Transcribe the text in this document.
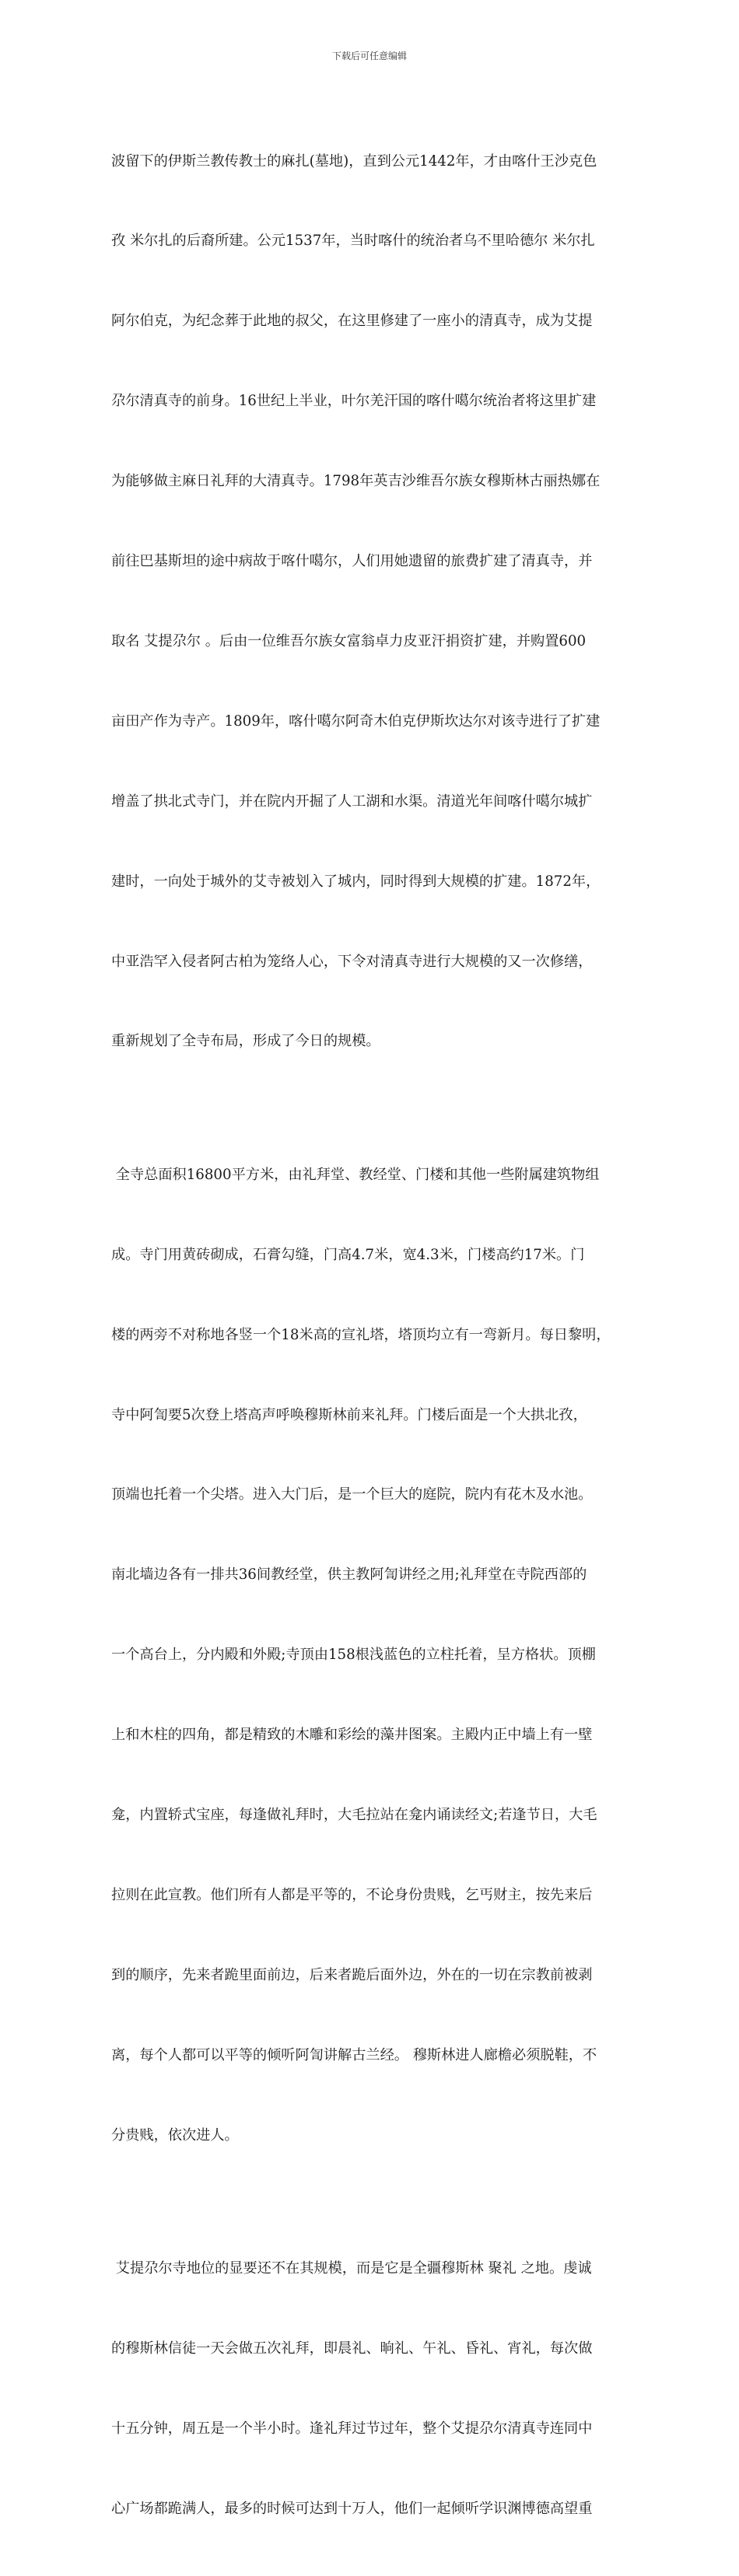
下载后可任意编辑

波留下的伊斯兰教传教士的麻扎(墓地)，直到公元1442年，才由喀什王沙克色

孜 米尔扎的后裔所建。公元1537年，当时喀什的统治者乌不里哈德尔 米尔扎

阿尔伯克，为纪念葬于此地的叔父，在这里修建了一座小的清真寺，成为艾提

尕尔清真寺的前身。16世纪上半业，叶尔羌汗国的喀什噶尔统治者将这里扩建

为能够做主麻日礼拜的大清真寺。1798年英吉沙维吾尔族女穆斯林古丽热娜在

前往巴基斯坦的途中病故于喀什噶尔，人们用她遗留的旅费扩建了清真寺，并

取名 艾提尕尔 。后由一位维吾尔族女富翁卓力皮亚汗捐资扩建，并购置600

亩田产作为寺产。1809年，喀什噶尔阿奇木伯克伊斯坎达尔对该寺进行了扩建

增盖了拱北式寺门，并在院内开掘了人工湖和水渠。清道光年间喀什噶尔城扩

建时，一向处于城外的艾寺被划入了城内，同时得到大规模的扩建。1872年，

中亚浩罕入侵者阿古柏为笼络人心，下令对清真寺进行大规模的又一次修缮，

重新规划了全寺布局，形成了今日的规模。

全寺总面积16800平方米，由礼拜堂、教经堂、门楼和其他一些附属建筑物组

成。寺门用黄砖砌成，石膏勾缝，门高4.7米，宽4.3米，门楼高约17米。门

楼的两旁不对称地各竖一个18米高的宣礼塔，塔顶均立有一弯新月。每日黎明，

寺中阿訇要5次登上塔高声呼唤穆斯林前来礼拜。门楼后面是一个大拱北孜，

顶端也托着一个尖塔。进入大门后，是一个巨大的庭院，院内有花木及水池。

南北墙边各有一排共36间教经堂，供主教阿訇讲经之用;礼拜堂在寺院西部的

一个高台上，分内殿和外殿;寺顶由158根浅蓝色的立柱托着，呈方格状。顶棚

上和木柱的四角，都是精致的木雕和彩绘的藻井图案。主殿内正中墙上有一壁

龛，内置轿式宝座，每逢做礼拜时，大毛拉站在龛内诵读经文;若逢节日，大毛

拉则在此宣教。他们所有人都是平等的，不论身份贵贱，乞丐财主，按先来后

到的顺序，先来者跪里面前边，后来者跪后面外边，外在的一切在宗教前被剥

离，每个人都可以平等的倾听阿訇讲解古兰经。 穆斯林进人廊檐必须脱鞋，不

分贵贱，依次进人。

艾提尕尔寺地位的显要还不在其规模，而是它是全疆穆斯林 聚礼 之地。虔诚

的穆斯林信徒一天会做五次礼拜，即晨礼、晌礼、午礼、昏礼、宵礼，每次做

十五分钟，周五是一个半小时。逢礼拜过节过年，整个艾提尕尔清真寺连同中

心广场都跪满人，最多的时候可达到十万人，他们一起倾听学识渊博德高望重
